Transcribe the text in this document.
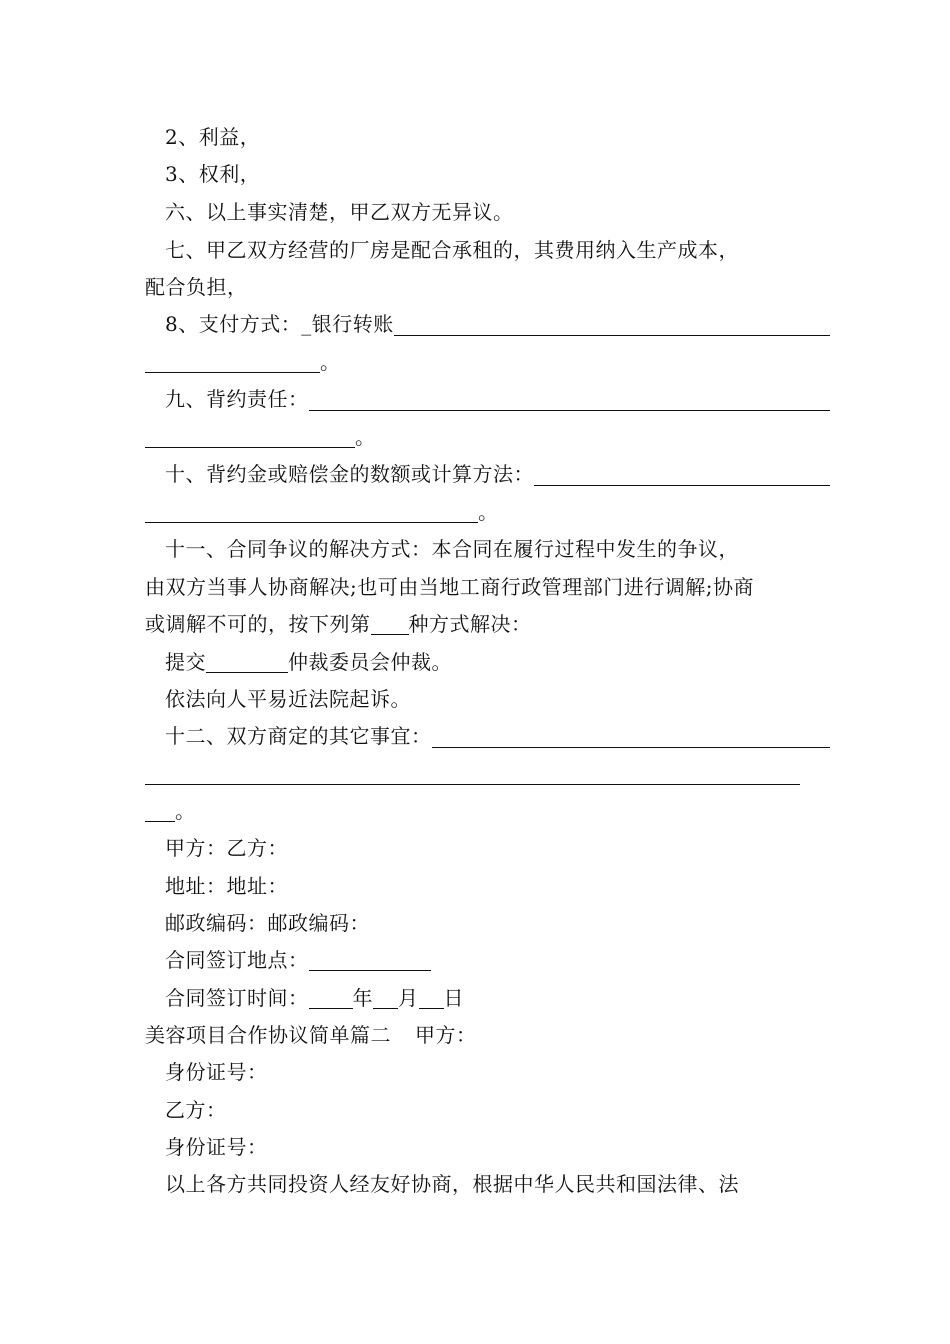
2、利益，
3、权利，
六、以上事实清楚，甲乙双方无异议。
七、甲乙双方经营的厂房是配合承租的，其费用纳入生产成本，
配合负担，
8、支付方式：_银行转账
。
九、背约责任：
。
十、背约金或赔偿金的数额或计算方法：
。
十一、合同争议的解决方式：本合同在履行过程中发生的争议，
由双方当事人协商解决;也可由当地工商行政管理部门进行调解;协商
或调解不可的，按下列第 种方式解决：
提交	仲裁委员会仲裁。
依法向人平易近法院起诉。
十二、双方商定的其它事宜：
。
甲方：乙方：
地址：地址：
邮政编码：邮政编码：
合同签订地点：
合同签订时间： 年 月 日
美容项目合作协议简单篇二 甲方：
身份证号：
乙方：
身份证号：
以上各方共同投资人经友好协商，根据中华人民共和国法律、法
